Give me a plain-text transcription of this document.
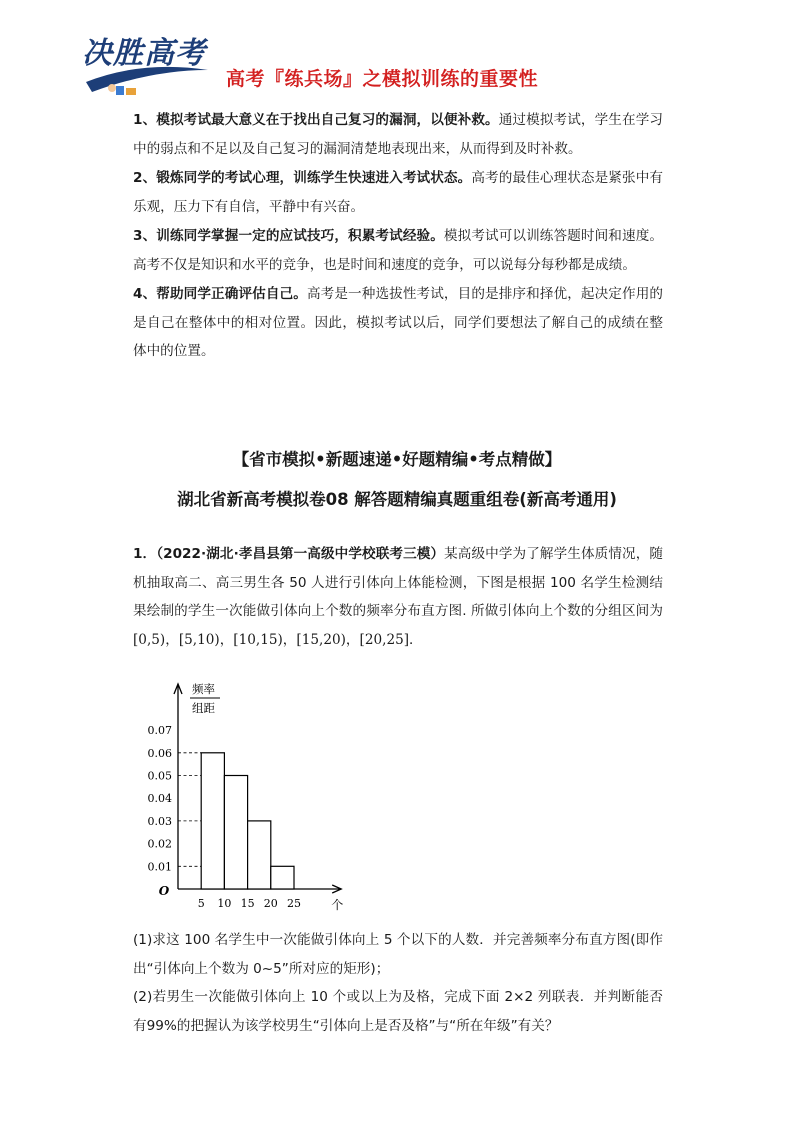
决胜高考
高考『练兵场』之模拟训练的重要性

1、模拟考试最大意义在于找出自己复习的漏洞，以便补救。通过模拟考试，学生在学习中的弱点和不足以及自己复习的漏洞清楚地表现出来，从而得到及时补救。

2、锻炼同学的考试心理，训练学生快速进入考试状态。高考的最佳心理状态是紧张中有乐观，压力下有自信，平静中有兴奋。

3、训练同学掌握一定的应试技巧，积累考试经验。模拟考试可以训练答题时间和速度。高考不仅是知识和水平的竞争，也是时间和速度的竞争，可以说每分每秒都是成绩。

4、帮助同学正确评估自己。高考是一种选拔性考试，目的是排序和择优，起决定作用的是自己在整体中的相对位置。因此，模拟考试以后，同学们要想法了解自己的成绩在整体中的位置。

【省市模拟•新题速递•好题精编•考点精做】
湖北省新高考模拟卷08 解答题精编真题重组卷(新高考通用)

1．（2022·湖北·孝昌县第一高级中学校联考三模）某高级中学为了解学生体质情况，随机抽取高二、高三男生各 50 人进行引体向上体能检测，下图是根据 100 名学生检测结果绘制的学生一次能做引体向上个数的频率分布直方图. 所做引体向上个数的分组区间为[0,5)，[5,10)，[10,15)，[15,20)，[20,25]．

频率
组距
0.01
0.02
0.03
0.04
0.05
0.06
0.07
5 10 15 20 25
O
个

(1)求这 100 名学生中一次能做引体向上 5 个以下的人数．并完善频率分布直方图(即作出“引体向上个数为 0~5”所对应的矩形)；

(2)若男生一次能做引体向上 10 个或以上为及格，完成下面 2×2 列联表．并判断能否有99%的把握认为该学校男生“引体向上是否及格”与“所在年级”有关？
